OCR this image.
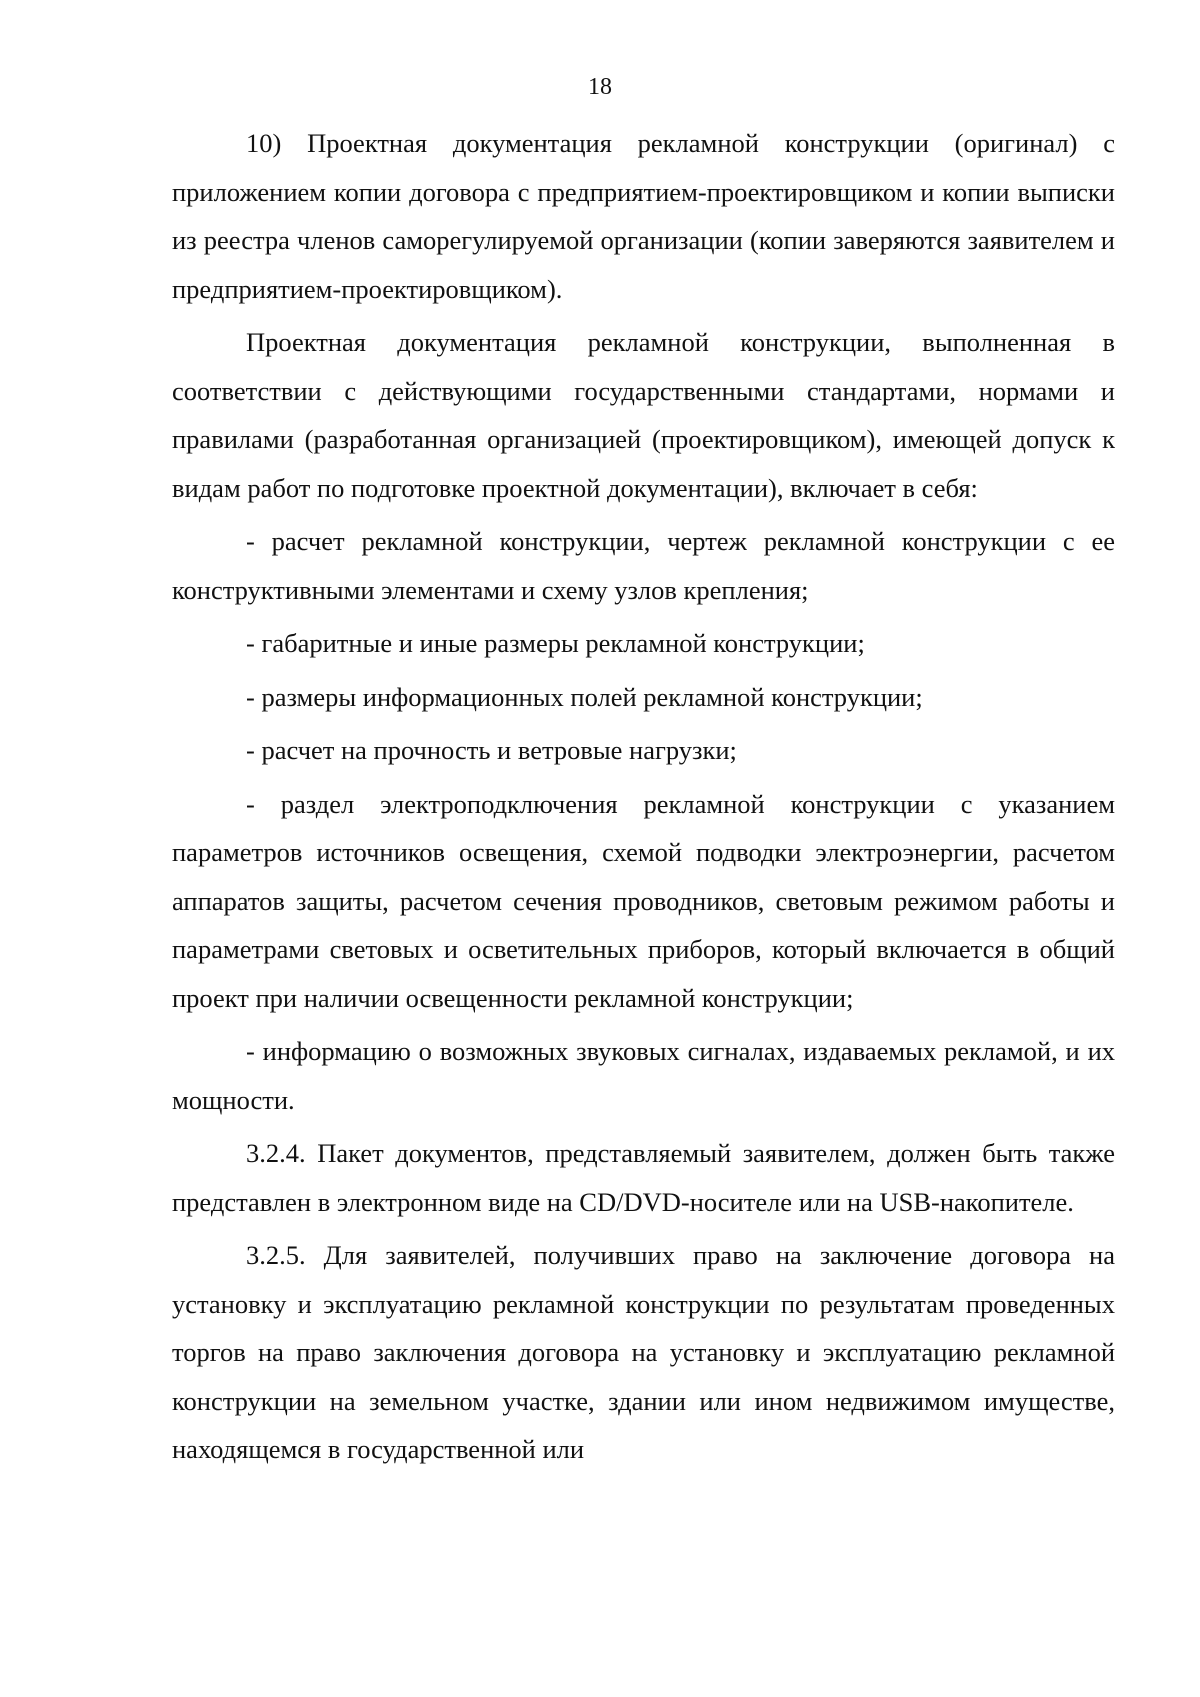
18

10) Проектная документация рекламной конструкции (оригинал) с приложением копии договора с предприятием-проектировщиком и копии выписки из реестра членов саморегулируемой организации (копии заверяются заявителем и предприятием-проектировщиком).

Проектная документация рекламной конструкции, выполненная в соответствии с действующими государственными стандартами, нормами и правилами (разработанная организацией (проектировщиком), имеющей допуск к видам работ по подготовке проектной документации), включает в себя:

- расчет рекламной конструкции, чертеж рекламной конструкции с ее конструктивными элементами и схему узлов крепления;

- габаритные и иные размеры рекламной конструкции;

- размеры информационных полей рекламной конструкции;

- расчет на прочность и ветровые нагрузки;

- раздел электроподключения рекламной конструкции с указанием параметров источников освещения, схемой подводки электроэнергии, расчетом аппаратов защиты, расчетом сечения проводников, световым режимом работы и параметрами световых и осветительных приборов, который включается в общий проект при наличии освещенности рекламной конструкции;

- информацию о возможных звуковых сигналах, издаваемых рекламой, и их мощности.

3.2.4. Пакет документов, представляемый заявителем, должен быть также представлен в электронном виде на CD/DVD-носителе или на USB-накопителе.

3.2.5. Для заявителей, получивших право на заключение договора на установку и эксплуатацию рекламной конструкции по результатам проведенных торгов на право заключения договора на установку и эксплуатацию рекламной конструкции на земельном участке, здании или ином недвижимом имуществе, находящемся в государственной или
